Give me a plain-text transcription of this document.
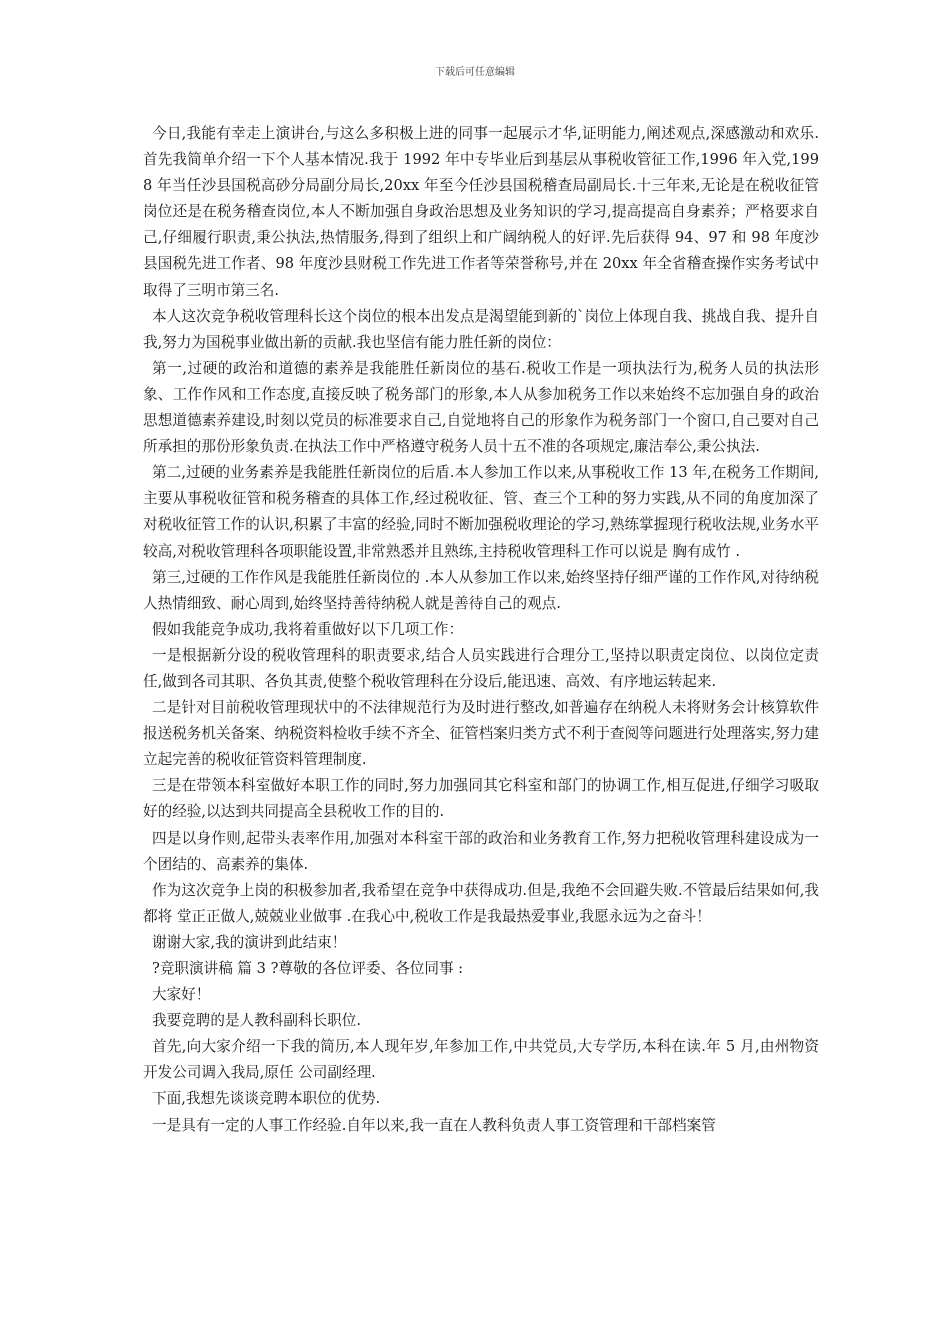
下载后可任意编辑

今日,我能有幸走上演讲台,与这么多积极上进的同事一起展示才华,证明能力,阐述观点,深感激动和欢乐.首先我简单介绍一下个人基本情况.我于 1992 年中专毕业后到基层从事税收管征工作,1996 年入党,1998 年当任沙县国税高砂分局副分局长,20xx 年至今任沙县国税稽查局副局长.十三年来,无论是在税收征管岗位还是在税务稽查岗位,本人不断加强自身政治思想及业务知识的学习,提高提高自身素养；严格要求自己,仔细履行职责,秉公执法,热情服务,得到了组织上和广阔纳税人的好评.先后获得 94、97 和 98 年度沙县国税先进工作者、98 年度沙县财税工作先进工作者等荣誉称号,并在 20xx 年全省稽查操作实务考试中取得了三明市第三名.

本人这次竞争税收管理科长这个岗位的根本出发点是渴望能到新的`岗位上体现自我、挑战自我、提升自我,努力为国税事业做出新的贡献.我也坚信有能力胜任新的岗位：

第一,过硬的政治和道德的素养是我能胜任新岗位的基石.税收工作是一项执法行为,税务人员的执法形象、工作作风和工作态度,直接反映了税务部门的形象,本人从参加税务工作以来始终不忘加强自身的政治思想道德素养建设,时刻以党员的标准要求自己,自觉地将自己的形象作为税务部门一个窗口,自己要对自己所承担的那份形象负责.在执法工作中严格遵守税务人员十五不准的各项规定,廉洁奉公,秉公执法.

第二,过硬的业务素养是我能胜任新岗位的后盾.本人参加工作以来,从事税收工作 13 年,在税务工作期间,主要从事税收征管和税务稽查的具体工作,经过税收征、管、查三个工种的努力实践,从不同的角度加深了对税收征管工作的认识,积累了丰富的经验,同时不断加强税收理论的学习,熟练掌握现行税收法规,业务水平较高,对税收管理科各项职能设置,非常熟悉并且熟练,主持税收管理科工作可以说是 胸有成竹 .

第三,过硬的工作作风是我能胜任新岗位的 .本人从参加工作以来,始终坚持仔细严谨的工作作风,对待纳税人热情细致、耐心周到,始终坚持善待纳税人就是善待自己的观点.

假如我能竞争成功,我将着重做好以下几项工作：

一是根据新分设的税收管理科的职责要求,结合人员实践进行合理分工,坚持以职责定岗位、以岗位定责任,做到各司其职、各负其责,使整个税收管理科在分设后,能迅速、高效、有序地运转起来.

二是针对目前税收管理现状中的不法律规范行为及时进行整改,如普遍存在纳税人未将财务会计核算软件报送税务机关备案、纳税资料检收手续不齐全、征管档案归类方式不利于查阅等问题进行处理落实,努力建立起完善的税收征管资料管理制度.

三是在带领本科室做好本职工作的同时,努力加强同其它科室和部门的协调工作,相互促进,仔细学习吸取好的经验,以达到共同提高全县税收工作的目的.

四是以身作则,起带头表率作用,加强对本科室干部的政治和业务教育工作,努力把税收管理科建设成为一个团结的、高素养的集体.

作为这次竞争上岗的积极参加者,我希望在竞争中获得成功.但是,我绝不会回避失败.不管最后结果如何,我都将 堂正正做人,兢兢业业做事 .在我心中,税收工作是我最热爱事业,我愿永远为之奋斗！

谢谢大家,我的演讲到此结束！

?竞职演讲稿 篇 3 ?尊敬的各位评委、各位同事 :

大家好！

我要竞聘的是人教科副科长职位.

首先,向大家介绍一下我的简历,本人现年岁,年参加工作,中共党员,大专学历,本科在读.年 5 月,由州物资开发公司调入我局,原任 公司副经理.

下面,我想先谈谈竞聘本职位的优势.

一是具有一定的人事工作经验.自年以来,我一直在人教科负责人事工资管理和干部档案管
